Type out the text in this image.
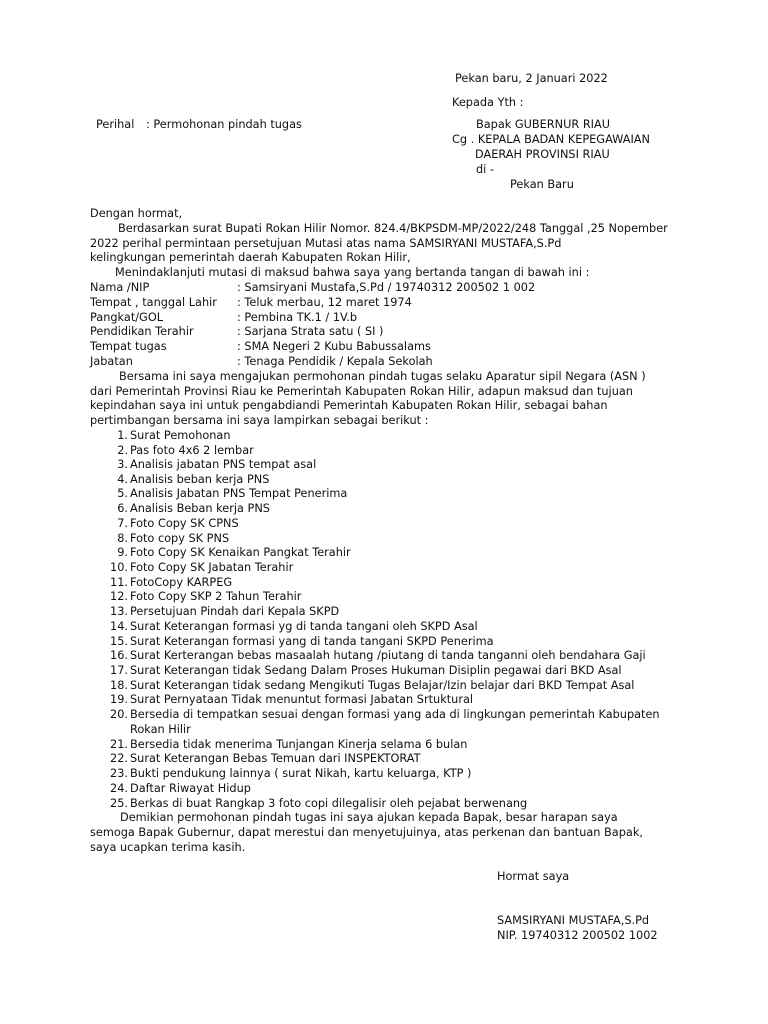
Pekan baru, 2 Januari 2022
Kepada Yth :
Perihal : Permohonan pindah tugas	Bapak GUBERNUR RIAU
Cg . KEPALA BADAN KEPEGAWAIAN
DAERAH PROVINSI RIAU
di -
Pekan Baru
Dengan hormat,
Berdasarkan surat Bupati Rokan Hilir Nomor. 824.4/BKPSDM-MP/2022/248 Tanggal ,25 Nopember
2022 perihal permintaan persetujuan Mutasi atas nama SAMSIRYANI MUSTAFA,S.Pd
kelingkungan pemerintah daerah Kabupaten Rokan Hilir,
Menindaklanjuti mutasi di maksud bahwa saya yang bertanda tangan di bawah ini :
Nama /NIP	: Samsiryani Mustafa,S.Pd / 19740312 200502 1 002
Tempat , tanggal Lahir : Teluk merbau, 12 maret 1974
Pangkat/GOL	: Pembina TK.1 / 1V.b
Pendidikan Terahir	: Sarjana Strata satu ( SI )
Tempat tugas	: SMA Negeri 2 Kubu Babussalams
Jabatan	: Tenaga Pendidik / Kepala Sekolah
Bersama ini saya mengajukan permohonan pindah tugas selaku Aparatur sipil Negara (ASN )
dari Pemerintah Provinsi Riau ke Pemerintah Kabupaten Rokan Hilir, adapun maksud dan tujuan
kepindahan saya ini untuk pengabdiandi Pemerintah Kabupaten Rokan Hilir, sebagai bahan
pertimbangan bersama ini saya lampirkan sebagai berikut :
1. Surat Pemohonan
2. Pas foto 4x6 2 lembar
3. Analisis jabatan PNS tempat asal
4. Analisis beban kerja PNS
5. Analisis Jabatan PNS Tempat Penerima
6. Analisis Beban kerja PNS
7. Foto Copy SK CPNS
8. Foto copy SK PNS
9. Foto Copy SK Kenaikan Pangkat Terahir
10. Foto Copy SK Jabatan Terahir
11. FotoCopy KARPEG
12. Foto Copy SKP 2 Tahun Terahir
13. Persetujuan Pindah dari Kepala SKPD
14. Surat Keterangan formasi yg di tanda tangani oleh SKPD Asal
15. Surat Keterangan formasi yang di tanda tangani SKPD Penerima
16. Surat Kerterangan bebas masaalah hutang /piutang di tanda tanganni oleh bendahara Gaji
17. Surat Keterangan tidak Sedang Dalam Proses Hukuman Disiplin pegawai dari BKD Asal
18. Surat Keterangan tidak sedang Mengikuti Tugas Belajar/Izin belajar dari BKD Tempat Asal
19. Surat Pernyataan Tidak menuntut formasi Jabatan Srtuktural
20. Bersedia di tempatkan sesuai dengan formasi yang ada di lingkungan pemerintah Kabupaten
Rokan Hilir
21. Bersedia tidak menerima Tunjangan Kinerja selama 6 bulan
22. Surat Keterangan Bebas Temuan dari INSPEKTORAT
23. Bukti pendukung lainnya ( surat Nikah, kartu keluarga, KTP )
24. Daftar Riwayat Hidup
25. Berkas di buat Rangkap 3 foto copi dilegalisir oleh pejabat berwenang
Demikian permohonan pindah tugas ini saya ajukan kepada Bapak, besar harapan saya
semoga Bapak Gubernur, dapat merestui dan menyetujuinya, atas perkenan dan bantuan Bapak,
saya ucapkan terima kasih.
Hormat saya
SAMSIRYANI MUSTAFA,S.Pd
NIP. 19740312 200502 1002
